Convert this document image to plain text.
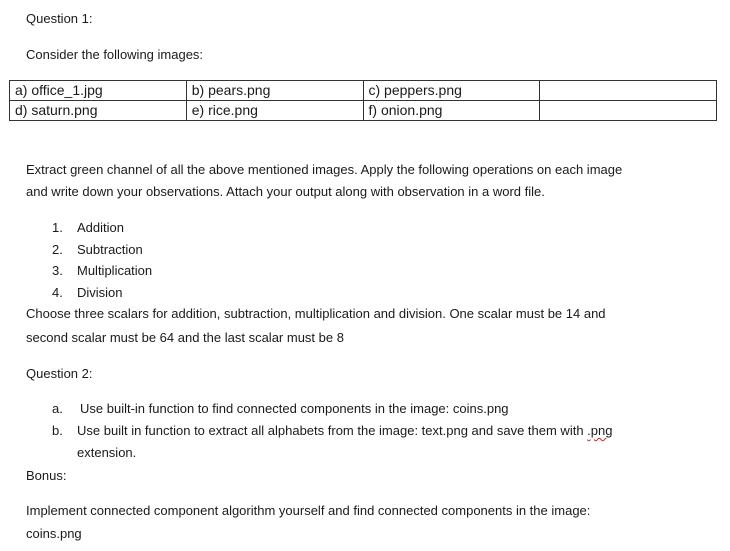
Question 1:
Consider the following images:
a) office_1.jpg	b) pears.png	c) peppers.png	
d) saturn.png	e) rice.png	f) onion.png	
Extract green channel of all the above mentioned images. Apply the following operations on each image
and write down your observations. Attach your output along with observation in a word file.
1. Addition
2. Subtraction
3. Multiplication
4. Division
Choose three scalars for addition, subtraction, multiplication and division. One scalar must be 14 and
second scalar must be 64 and the last scalar must be 8
Question 2:
a. Use built-in function to find connected components in the image: coins.png
b. Use built in function to extract all alphabets from the image: text.png and save them with .png
extension.
Bonus:
Implement connected component algorithm yourself and find connected components in the image:
coins.png
